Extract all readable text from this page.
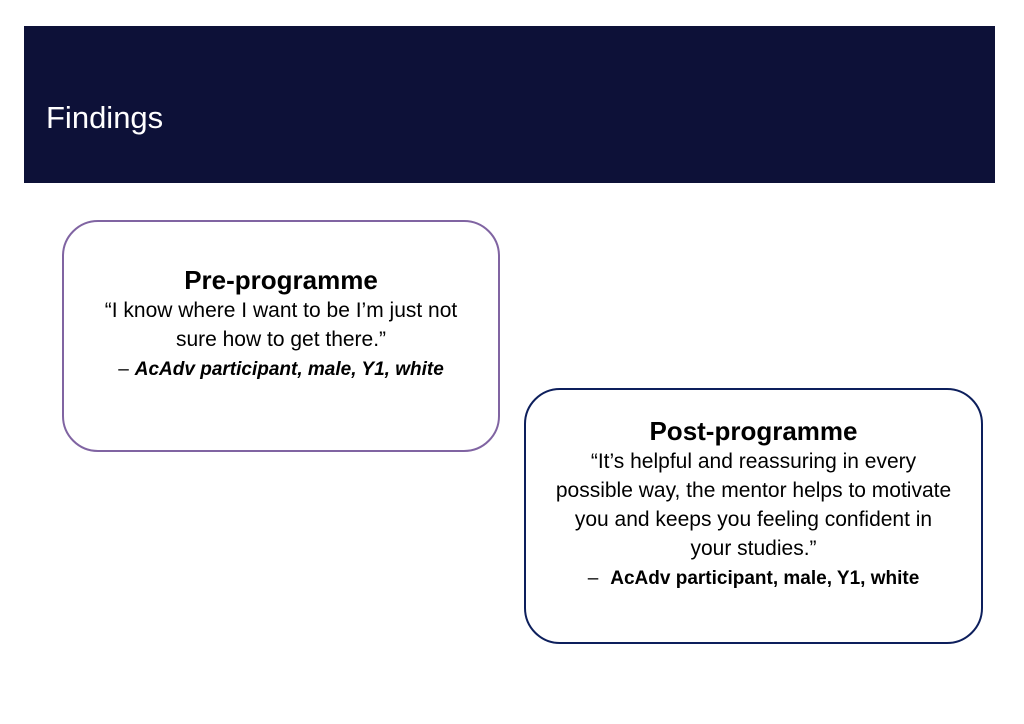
Findings

Pre-programme

“I know where I want to be I’m just not sure how to get there.”

– AcAdv participant, male, Y1, white

Post-programme

“It’s helpful and reassuring in every possible way, the mentor helps to motivate you and keeps you feeling confident in your studies.”

– AcAdv participant, male, Y1, white
